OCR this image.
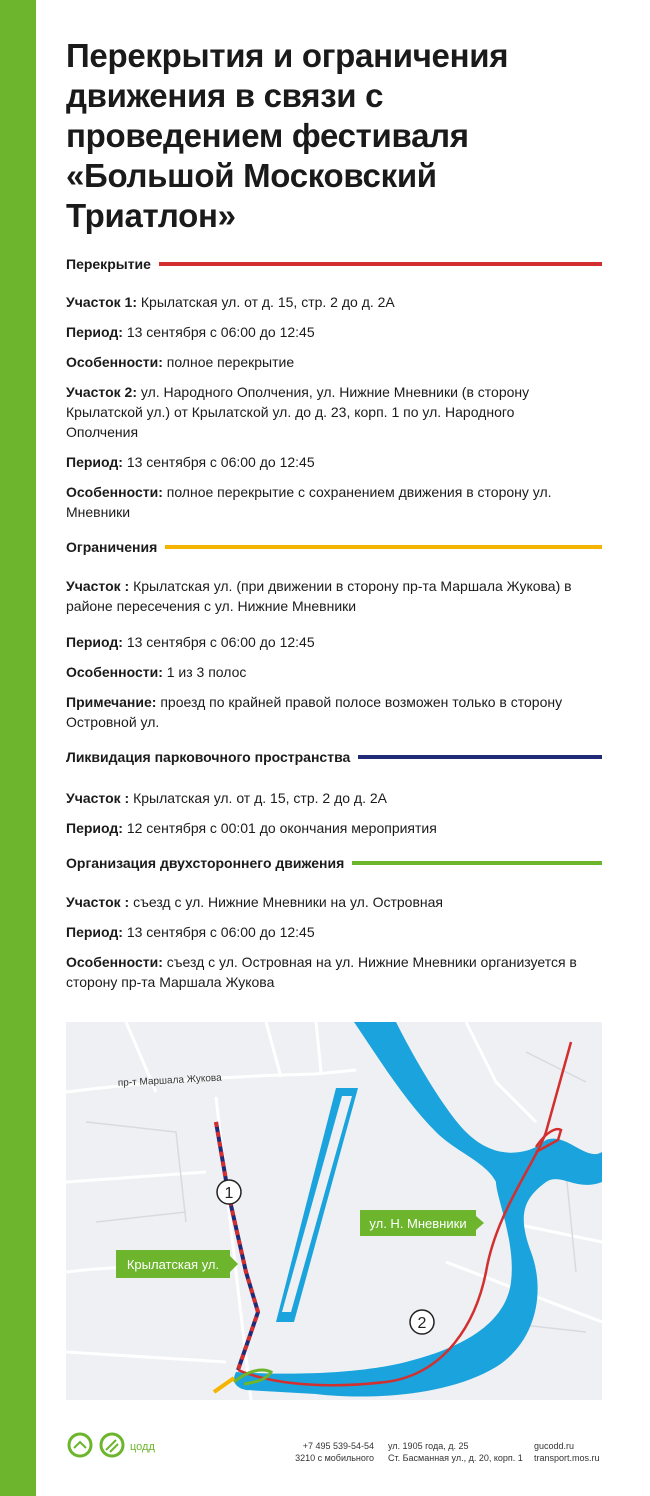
Перекрытия и ограничения движения в связи с проведением фестиваля «Большой Московский Триатлон»
Перекрытие

Участок 1: Крылатская ул. от д. 15, стр. 2 до д. 2А

Период: 13 сентября с 06:00 до 12:45

Особенности: полное перекрытие

Участок 2: ул. Народного Ополчения, ул. Нижние Мневники (в сторону Крылатской ул.) от Крылатской ул. до д. 23, корп. 1 по ул. Народного Ополчения

Период: 13 сентября с 06:00 до 12:45

Особенности: полное перекрытие с сохранением движения в сторону ул. Мневники

Ограничения

Участок : Крылатская ул. (при движении в сторону пр-та Маршала Жукова) в районе пересечения с ул. Нижние Мневники

Период: 13 сентября с 06:00 до 12:45

Особенности: 1 из 3 полос

Примечание: проезд по крайней правой полосе возможен только в сторону Островной ул.

Ликвидация парковочного пространства

Участок : Крылатская ул. от д. 15, стр. 2 до д. 2А

Период: 12 сентября с 00:01 до окончания мероприятия

Организация двухстороннего движения

Участок : съезд с ул. Нижние Мневники на ул. Островная

Период: 13 сентября с 06:00 до 12:45

Особенности: съезд с ул. Островная на ул. Нижние Мневники организуется в сторону пр-та Маршала Жукова

пр-т Маршала Жукова
1
2
Крылатская ул.
ул. Н. Мневники
цодд	+7 495 539-54-54
3210 с мобильного
ул. 1905 года, д. 25
Ст. Басманная ул., д. 20, корп. 1
gucodd.ru
transport.mos.ru
